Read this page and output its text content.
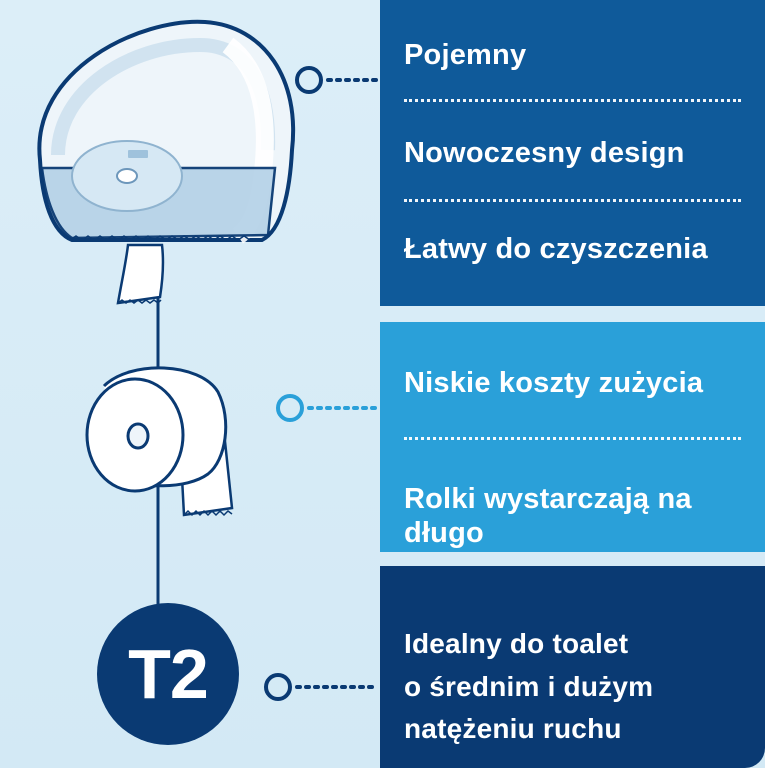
T2
Pojemny
Nowoczesny design
Łatwy do czyszczenia
Niskie koszty zużycia
Rolki wystarczają na
długo
Idealny do toalet
o średnim i dużym
natężeniu ruchu
